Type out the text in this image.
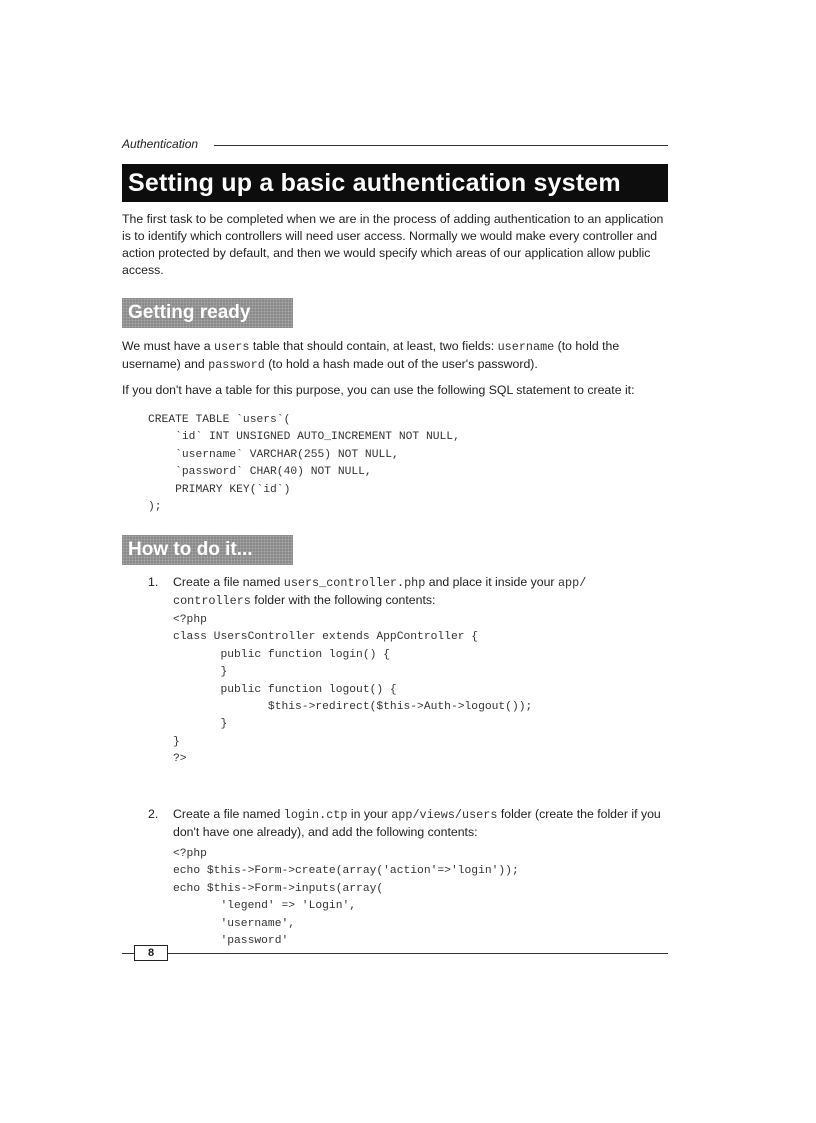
Authentication
Setting up a basic authentication system

The first task to be completed when we are in the process of adding authentication to an application is to identify which controllers will need user access. Normally we would make every controller and action protected by default, and then we would specify which areas of our application allow public access.

Getting ready

We must have a users table that should contain, at least, two fields: username (to hold the username) and password (to hold a hash made out of the user's password).

If you don't have a table for this purpose, you can use the following SQL statement to create it:

CREATE TABLE `users`(
`id` INT UNSIGNED AUTO_INCREMENT NOT NULL,
`username` VARCHAR(255) NOT NULL,
`password` CHAR(40) NOT NULL,
PRIMARY KEY(`id`)
);
How to do it...
1. Create a file named users_controller.php and place it inside your app/ controllers folder with the following contents:

<?php
class UsersController extends AppController {
public function login() {
}
public function logout() {
$this->redirect($this->Auth->logout());
}
}
?>
2. Create a file named login.ctp in your app/views/users folder (create the folder if you don't have one already), and add the following contents:

<?php
echo $this->Form->create(array('action'=>'login'));
echo $this->Form->inputs(array(
'legend' => 'Login',
'username',
'password'
8
